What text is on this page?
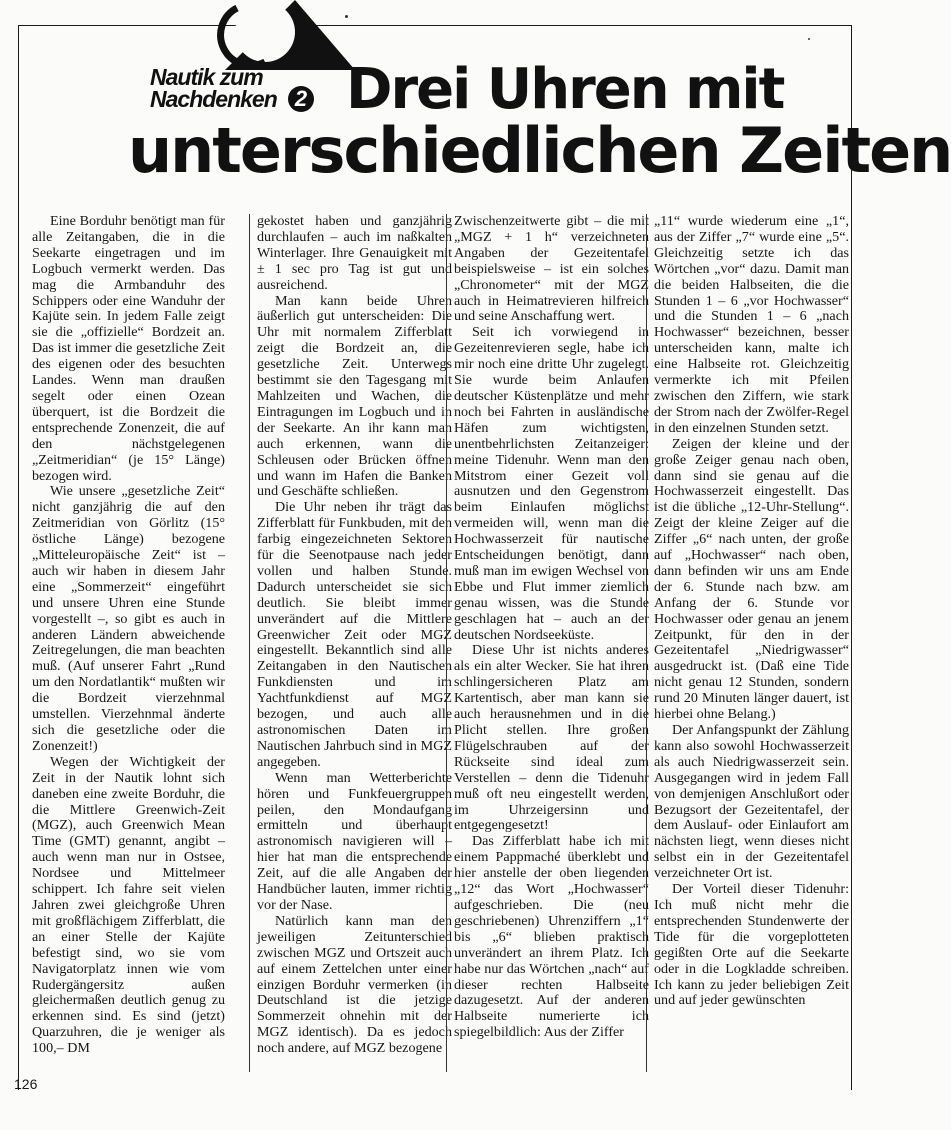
Nautik zum
Nachdenken 2 Drei Uhren mit
unterschiedlichen Zeiten

Eine Borduhr benötigt man für alle Zeitangaben, die in die Seekarte eingetragen und im Logbuch vermerkt werden. Das mag die Armbanduhr des Schippers oder eine Wanduhr der Kajüte sein. In jedem Falle zeigt sie die „offizielle“ Bordzeit an. Das ist immer die gesetzliche Zeit des eigenen oder des besuchten Landes. Wenn man draußen segelt oder einen Ozean überquert, ist die Bordzeit die entsprechende Zonenzeit, die auf den nächstgelegenen „Zeitmeridian“ (je 15° Länge) bezogen wird.

Wie unsere „gesetzliche Zeit“ nicht ganzjährig die auf den Zeitmeridian von Görlitz (15° östliche Länge) bezogene „Mitteleuropäische Zeit“ ist – auch wir haben in diesem Jahr eine „Sommerzeit“ eingeführt und unsere Uhren eine Stunde vorgestellt –, so gibt es auch in anderen Ländern abweichende Zeitregelungen, die man beachten muß. (Auf unserer Fahrt „Rund um den Nordatlantik“ mußten wir die Bordzeit vierzehnmal umstellen. Vierzehnmal änderte sich die gesetzliche oder die Zonenzeit!)

Wegen der Wichtigkeit der Zeit in der Nautik lohnt sich daneben eine zweite Borduhr, die die Mittlere Greenwich-Zeit (MGZ), auch Greenwich Mean Time (GMT) genannt, angibt – auch wenn man nur in Ostsee, Nordsee und Mittelmeer schippert. Ich fahre seit vielen Jahren zwei gleichgroße Uhren mit großflächigem Zifferblatt, die an einer Stelle der Kajüte befestigt sind, wo sie vom Navigatorplatz innen wie vom Rudergängersitz außen gleichermaßen deutlich genug zu erkennen sind. Es sind (jetzt) Quarzuhren, die je weniger als 100,– DM

gekostet haben und ganzjährig durchlaufen – auch im naßkalten Winterlager. Ihre Genauigkeit mit ± 1 sec pro Tag ist gut und ausreichend.

Man kann beide Uhren äußerlich gut unterscheiden: Die Uhr mit normalem Zifferblatt zeigt die Bordzeit an, die gesetzliche Zeit. Unterwegs bestimmt sie den Tagesgang mit Mahlzeiten und Wachen, die Eintragungen im Logbuch und in der Seekarte. An ihr kann man auch erkennen, wann die Schleusen oder Brücken öffnen und wann im Hafen die Banken und Geschäfte schließen.

Die Uhr neben ihr trägt das Zifferblatt für Funkbuden, mit den farbig eingezeichneten Sektoren für die Seenotpause nach jeder vollen und halben Stunde. Dadurch unterscheidet sie sich deutlich. Sie bleibt immer unverändert auf die Mittlere Greenwicher Zeit oder MGZ eingestellt. Bekanntlich sind alle Zeitangaben in den Nautischen Funkdiensten und im Yachtfunkdienst auf MGZ bezogen, und auch alle astronomischen Daten im Nautischen Jahrbuch sind in MGZ angegeben.

Wenn man Wetterberichte hören und Funkfeuergruppen peilen, den Mondaufgang ermitteln und überhaupt astronomisch navigieren will – hier hat man die entsprechende Zeit, auf die alle Angaben der Handbücher lauten, immer richtig vor der Nase.

Natürlich kann man den jeweiligen Zeitunterschied zwischen MGZ und Ortszeit auch auf einem Zettelchen unter einer einzigen Borduhr vermerken (in Deutschland ist die jetzige Sommerzeit ohnehin mit der MGZ identisch). Da es jedoch noch andere, auf MGZ bezogene

Zwischenzeitwerte gibt – die mit „MGZ + 1 h“ verzeichneten Angaben der Gezeitentafel beispielsweise – ist ein solches „Chronometer“ mit der MGZ auch in Heimatrevieren hilfreich und seine Anschaffung wert.

Seit ich vorwiegend in Gezeitenrevieren segle, habe ich mir noch eine dritte Uhr zugelegt. Sie wurde beim Anlaufen deutscher Küstenplätze und mehr noch bei Fahrten in ausländische Häfen zum wichtigsten, unentbehrlichsten Zeitanzeiger: meine Tidenuhr. Wenn man den Mitstrom einer Gezeit voll ausnutzen und den Gegenstrom beim Einlaufen möglichst vermeiden will, wenn man die Hochwasserzeit für nautische Entscheidungen benötigt, dann muß man im ewigen Wechsel von Ebbe und Flut immer ziemlich genau wissen, was die Stunde geschlagen hat – auch an der deutschen Nordseeküste.

Diese Uhr ist nichts anderes als ein alter Wecker. Sie hat ihren schlingersicheren Platz am Kartentisch, aber man kann sie auch herausnehmen und in die Plicht stellen. Ihre großen Flügelschrauben auf der Rückseite sind ideal zum Verstellen – denn die Tidenuhr muß oft neu eingestellt werden, im Uhrzeigersinn und entgegengesetzt!

Das Zifferblatt habe ich mit einem Pappmaché überklebt und hier anstelle der oben liegenden „12“ das Wort „Hochwasser“ aufgeschrieben. Die (neu geschriebenen) Uhrenziffern „1“ bis „6“ blieben praktisch unverändert an ihrem Platz. Ich habe nur das Wörtchen „nach“ auf dieser rechten Halbseite dazugesetzt. Auf der anderen Halbseite numerierte ich spiegelbildlich: Aus der Ziffer

„11“ wurde wiederum eine „1“, aus der Ziffer „7“ wurde eine „5“. Gleichzeitig setzte ich das Wörtchen „vor“ dazu. Damit man die beiden Halbseiten, die die Stunden 1 – 6 „vor Hochwasser“ und die Stunden 1 – 6 „nach Hochwasser“ bezeichnen, besser unterscheiden kann, malte ich eine Halbseite rot. Gleichzeitig vermerkte ich mit Pfeilen zwischen den Ziffern, wie stark der Strom nach der Zwölfer-Regel in den einzelnen Stunden setzt.

Zeigen der kleine und der große Zeiger genau nach oben, dann sind sie genau auf die Hochwasserzeit eingestellt. Das ist die übliche „12-Uhr-Stellung“. Zeigt der kleine Zeiger auf die Ziffer „6“ nach unten, der große auf „Hochwasser“ nach oben, dann befinden wir uns am Ende der 6. Stunde nach bzw. am Anfang der 6. Stunde vor Hochwasser oder genau an jenem Zeitpunkt, für den in der Gezeitentafel „Niedrigwasser“ ausgedruckt ist. (Daß eine Tide nicht genau 12 Stunden, sondern rund 20 Minuten länger dauert, ist hierbei ohne Belang.)

Der Anfangspunkt der Zählung kann also sowohl Hochwasserzeit als auch Niedrigwasserzeit sein. Ausgegangen wird in jedem Fall von demjenigen Anschlußort oder Bezugsort der Gezeitentafel, der dem Auslauf- oder Einlaufort am nächsten liegt, wenn dieses nicht selbst ein in der Gezeitentafel verzeichneter Ort ist.

Der Vorteil dieser Tidenuhr: Ich muß nicht mehr die entsprechenden Stundenwerte der Tide für die vorgeplotteten gegißten Orte auf die Seekarte oder in die Logkladde schreiben. Ich kann zu jeder beliebigen Zeit und auf jeder gewünschten

126
